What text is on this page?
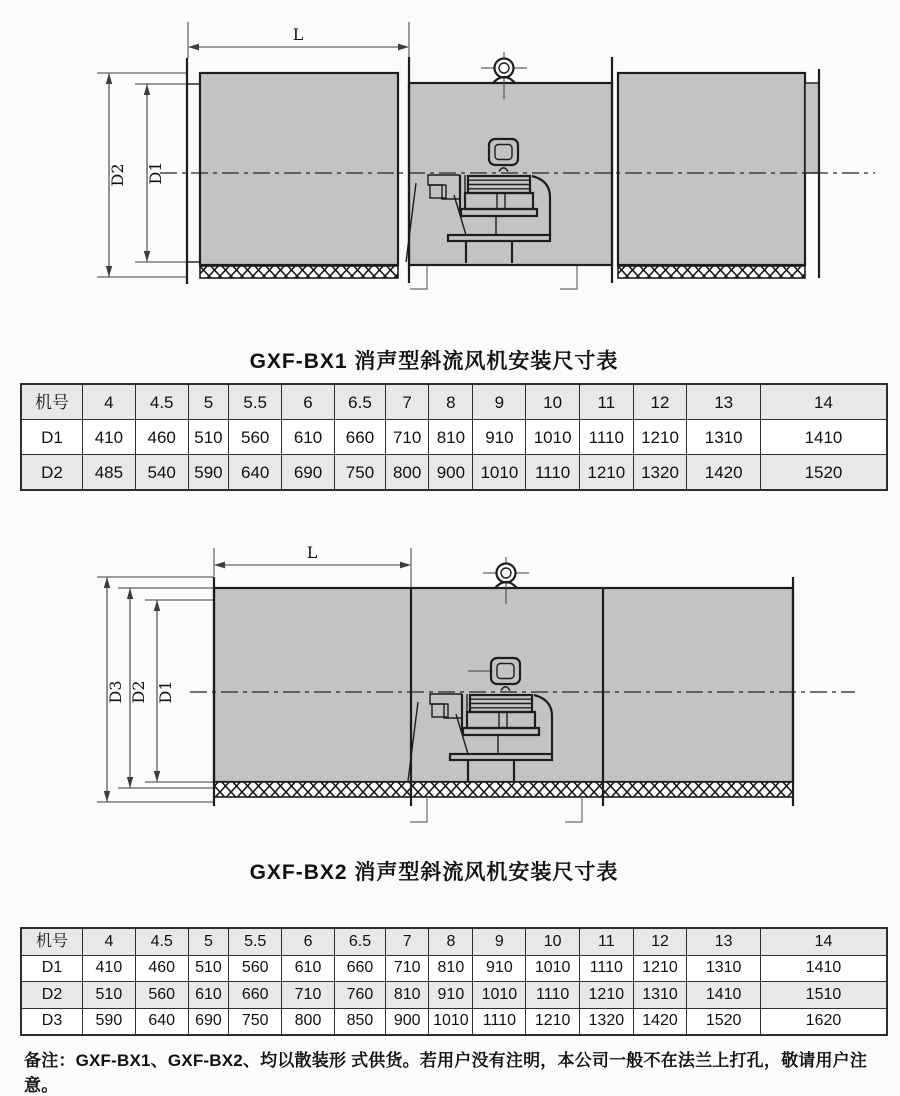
L
D2 D1
L
D3 D2 D1
GXF-BX1 消声型斜流风机安装尺寸表
机号	4	4.5	5	5.5	6	6.5	7	8	9	10	11	12	13	14
D1	410	460	510	560	610	660	710	810	910	1010	1110	1210	1310	1410
D2	485	540	590	640	690	750	800	900	1010	1110	1210	1320	1420	1520
GXF-BX2 消声型斜流风机安装尺寸表
机号	4	4.5	5	5.5	6	6.5	7	8	9	10	11	12	13	14
D1	410	460	510	560	610	660	710	810	910	1010	1110	1210	1310	1410
D2	510	560	610	660	710	760	810	910	1010	1110	1210	1310	1410	1510
D3	590	640	690	750	800	850	900	1010	1110	1210	1320	1420	1520	1620

备注：GXF-BX1、GXF-BX2、均以散装形 式供货。若用户没有注明，本公司一般不在法兰上打孔，敬请用户注意。
